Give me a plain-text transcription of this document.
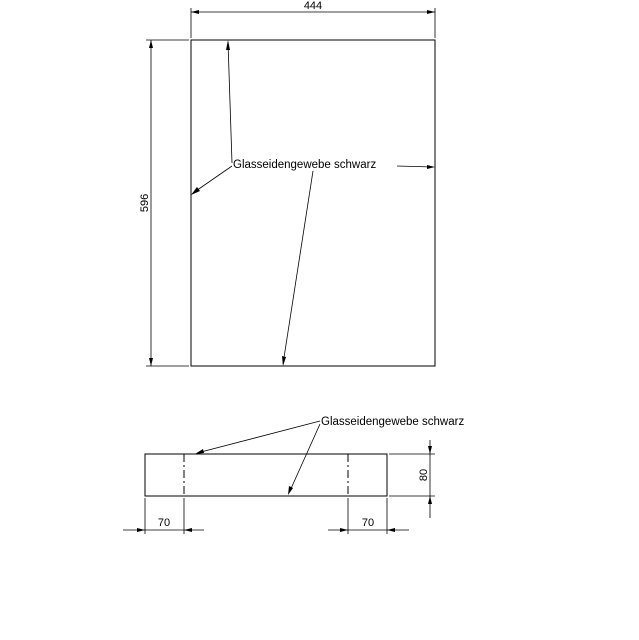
444
596
Glasseidengewebe schwarz
Glasseidengewebe schwarz
80
70	70
